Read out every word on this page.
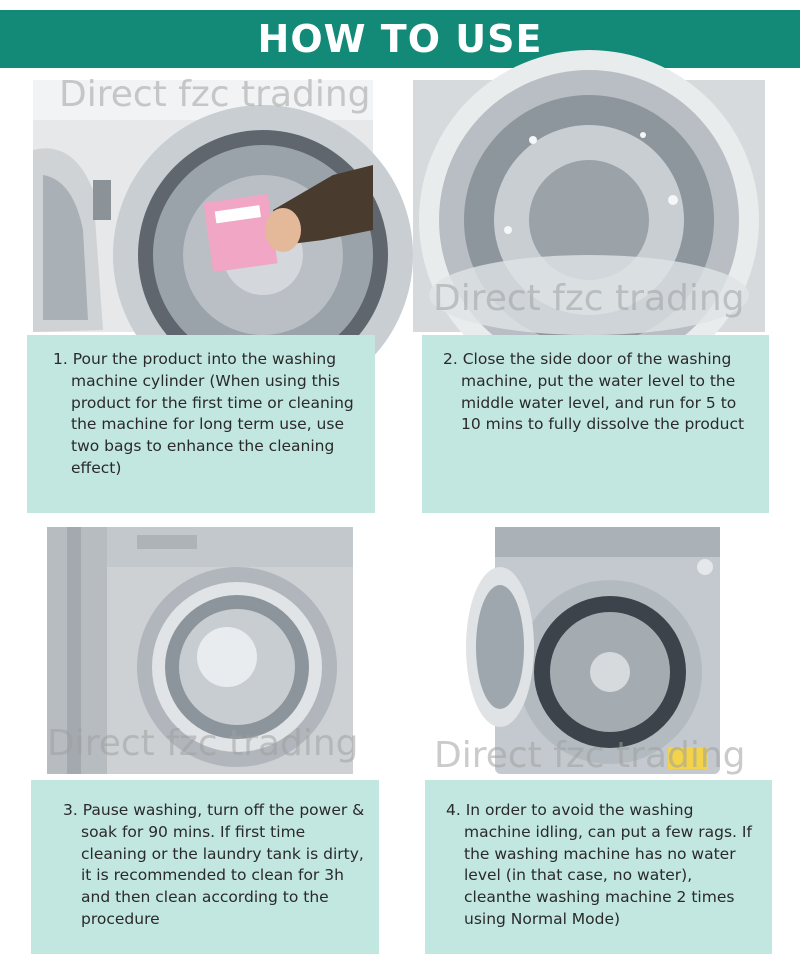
HOW TO USE
Direct fzc trading
Direct fzc trading

1. Pour the product into the washing machine cylinder (When using this product for the first time or cleaning the machine for long term use, use two bags to enhance the cleaning effect)

2. Close the side door of the washing machine, put the water level to the middle water level, and run for 5 to 10 mins to fully dissolve the product

Direct fzc trading Direct fzc trading

3. Pause washing, turn off the power & soak for 90 mins. If first time cleaning or the laundry tank is dirty, it is recommended to clean for 3h and then clean according to the procedure

4. In order to avoid the washing machine idling, can put a few rags. If the washing machine has no water level (in that case, no water), cleanthe washing machine 2 times using Normal Mode)
